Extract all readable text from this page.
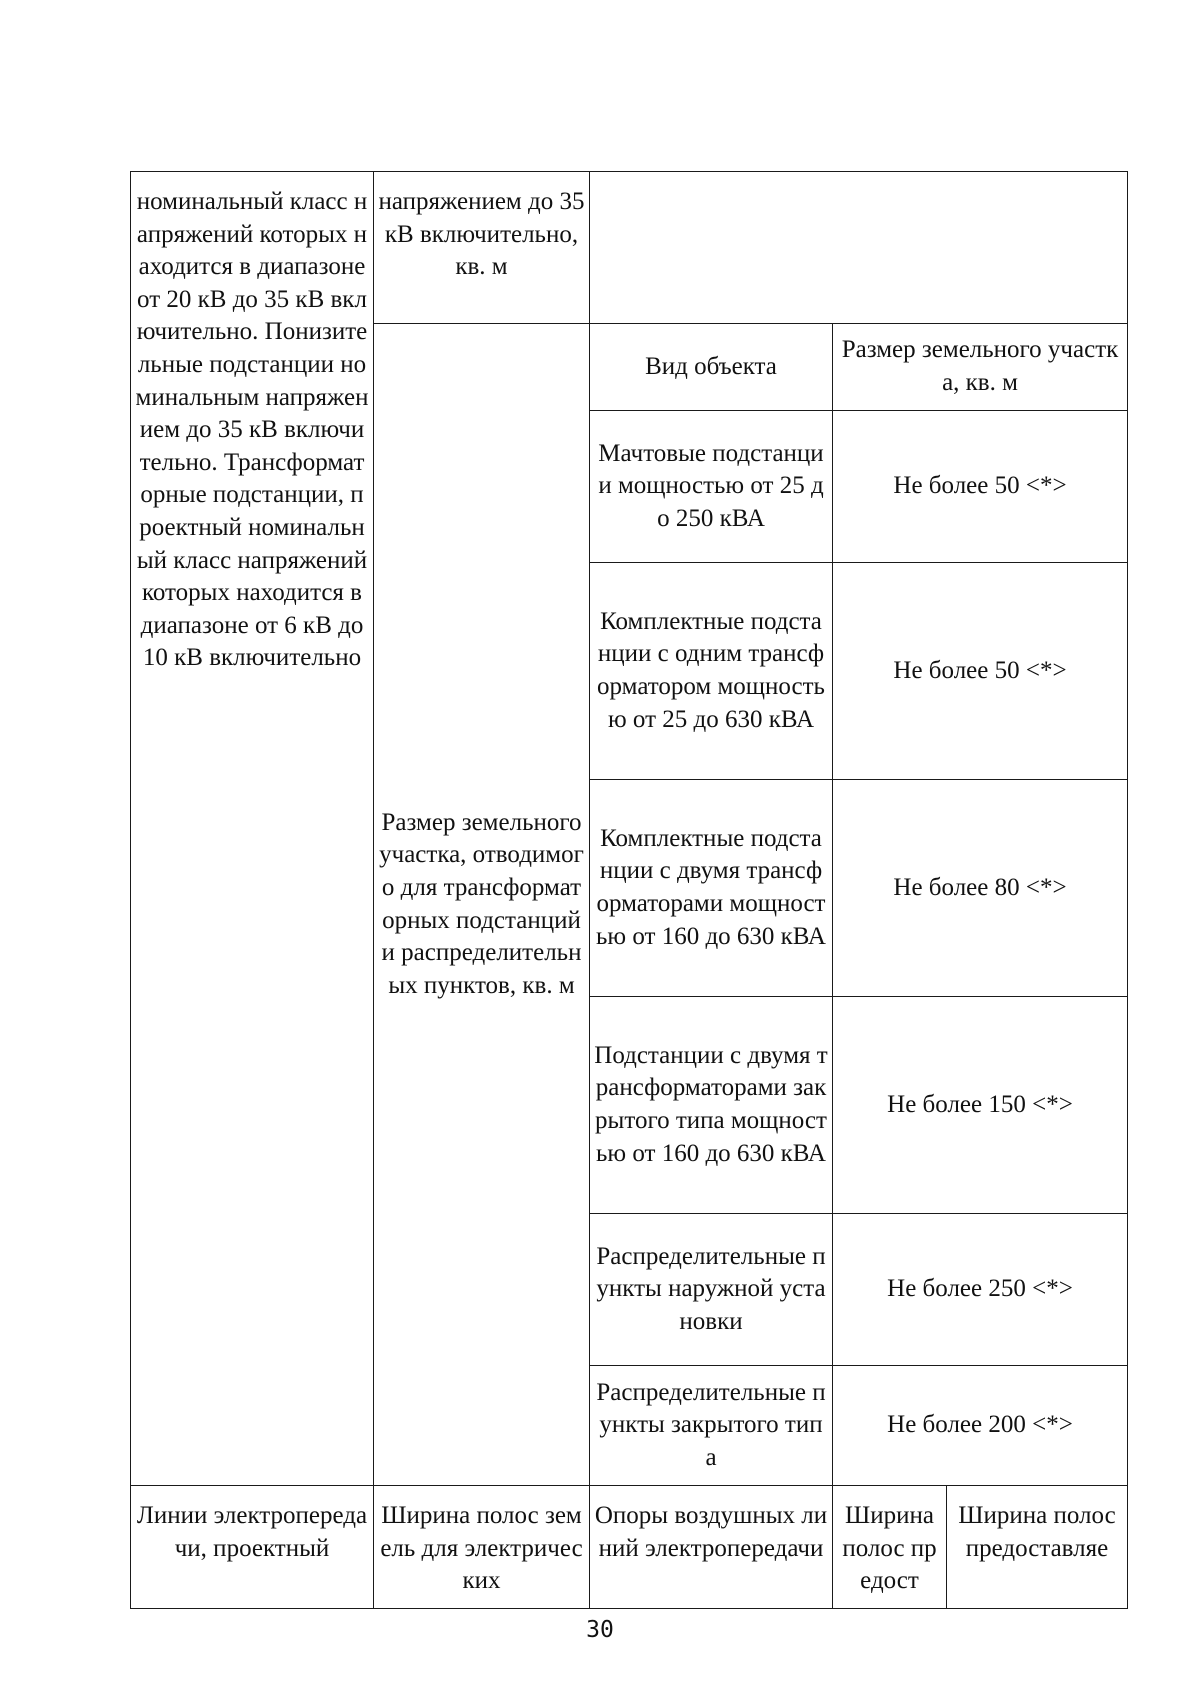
номинальный класс напряжений которых находится в диапазоне от 20 кВ до 35 кВ включительно. Понизительные подстанции номинальным напряжением до 35 кВ включительно. Трансформаторные подстанции, проектный номинальный класс напряжений которых находится в диапазоне от 6 кВ до 10 кВ включительно	напряжением до 35 кВ включительно, кв. м			
	Размер земельного участка, отводимого для трансформаторных подстанций и распределительных пунктов, кв. м	Вид объекта	Размер земельного участка, кв. м	
		Мачтовые подстанции мощностью от 25 до 250 кВА	Не более 50 <*>	
		Комплектные подстанции с одним трансформатором мощностью от 25 до 630 кВА	Не более 50 <*>	
		Комплектные подстанции с двумя трансформаторами мощностью от 160 до 630 кВА	Не более 80 <*>	
		Подстанции с двумя трансформаторами закрытого типа мощностью от 160 до 630 кВА	Не более 150 <*>	
		Распределительные пункты наружной установки	Не более 250 <*>	
		Распределительные пункты закрытого типа	Не более 200 <*>	
Линии электропередачи, проектный	Ширина полос земель для электрических	Опоры воздушных линий электропередачи	Ширина полос предост	Ширина полос предоставляе
30
